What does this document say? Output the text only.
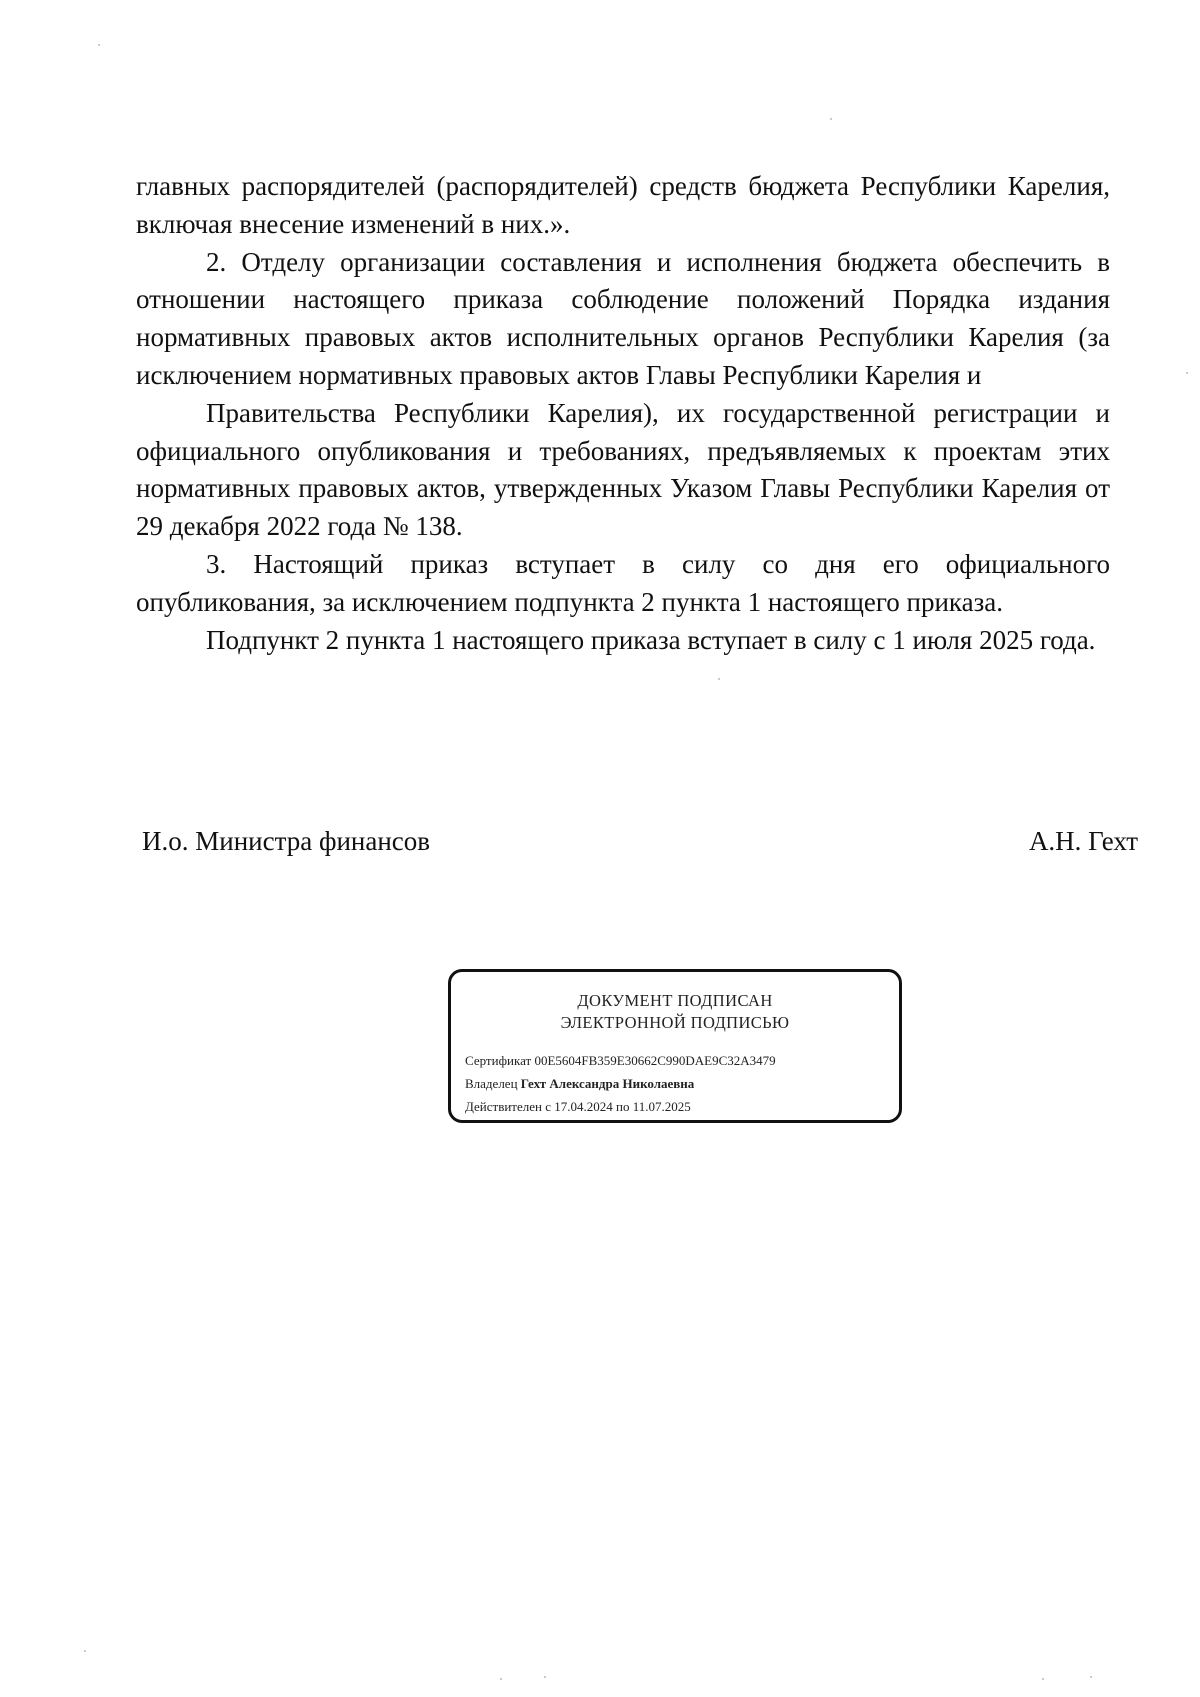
главных распорядителей (распорядителей) средств бюджета Республики Карелия, включая внесение изменений в них.».

2. Отделу организации составления и исполнения бюджета обеспечить в отношении настоящего приказа соблюдение положений Порядка издания нормативных правовых актов исполнительных органов Республики Карелия (за исключением нормативных правовых актов Главы Республики Карелия и

Правительства Республики Карелия), их государственной регистрации и официального опубликования и требованиях, предъявляемых к проектам этих нормативных правовых актов, утвержденных Указом Главы Республики Карелия от 29 декабря 2022 года № 138.

3. Настоящий приказ вступает в силу со дня его официального опубликования, за исключением подпункта 2 пункта 1 настоящего приказа.

Подпункт 2 пункта 1 настоящего приказа вступает в силу с 1 июля 2025 года.

И.о. Министра финансов	А.Н. Гехт
ДОКУМЕНТ ПОДПИСАН
ЭЛЕКТРОННОЙ ПОДПИСЬЮ
Сертификат 00E5604FB359E30662C990DAE9C32A3479
Владелец Гехт Александра Николаевна
Действителен с 17.04.2024 по 11.07.2025
